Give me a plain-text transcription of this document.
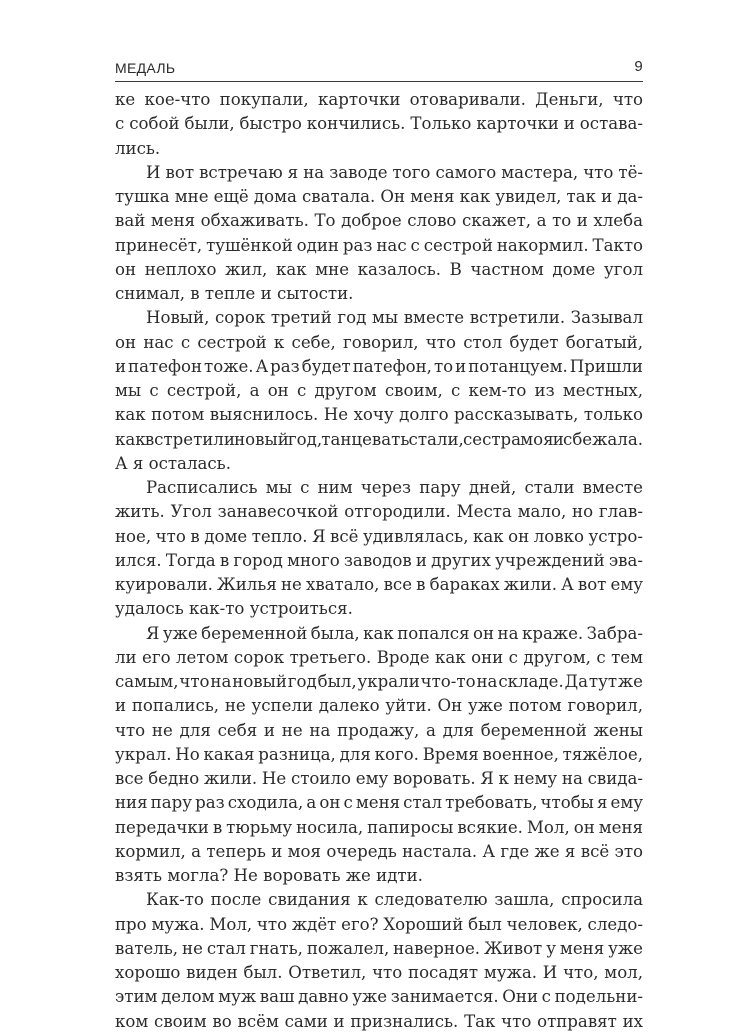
МЕДАЛЬ	9
ке кое-что покупали, карточки отоваривали. Деньги, что
с собой были, быстро кончились. Только карточки и остава-
лись.
И вот встречаю я на заводе того самого мастера, что тё-
тушка мне ещё дома сватала. Он меня как увидел, так и да-
вай меня обхаживать. То доброе слово скажет, а то и хлеба
принесёт, тушёнкой один раз нас с сестрой накормил. Такто
он неплохо жил, как мне казалось. В частном доме угол
снимал, в тепле и сытости.
Новый, сорок третий год мы вместе встретили. Зазывал
он нас с сестрой к себе, говорил, что стол будет богатый,
и патефон тоже. А раз будет патефон, то и потанцуем. Пришли
мы с сестрой, а он с другом своим, с кем-то из местных,
как потом выяснилось. Не хочу долго рассказывать, только
как встретили новый год, танцевать стали, сестра моя и сбежала.
А я осталась.
Расписались мы с ним через пару дней, стали вместе
жить. Угол занавесочкой отгородили. Места мало, но глав-
ное, что в доме тепло. Я всё удивлялась, как он ловко устро-
ился. Тогда в город много заводов и других учреждений эва-
куировали. Жилья не хватало, все в бараках жили. А вот ему
удалось как-то устроиться.
Я уже беременной была, как попался он на краже. Забра-
ли его летом сорок третьего. Вроде как они с другом, с тем
самым, что на новый год был, украли что-то на складе. Да тут же
и попались, не успели далеко уйти. Он уже потом говорил,
что не для себя и не на продажу, а для беременной жены
украл. Но какая разница, для кого. Время военное, тяжёлое,
все бедно жили. Не стоило ему воровать. Я к нему на свида-
ния пару раз сходила, а он с меня стал требовать, чтобы я ему
передачки в тюрьму носила, папиросы всякие. Мол, он меня
кормил, а теперь и моя очередь настала. А где же я всё это
взять могла? Не воровать же идти.
Как-то после свидания к следователю зашла, спросила
про мужа. Мол, что ждёт его? Хороший был человек, следо-
ватель, не стал гнать, пожалел, наверное. Живот у меня уже
хорошо виден был. Ответил, что посадят мужа. И что, мол,
этим делом муж ваш давно уже занимается. Они с подельни-
ком своим во всём сами и признались. Так что отправят их
